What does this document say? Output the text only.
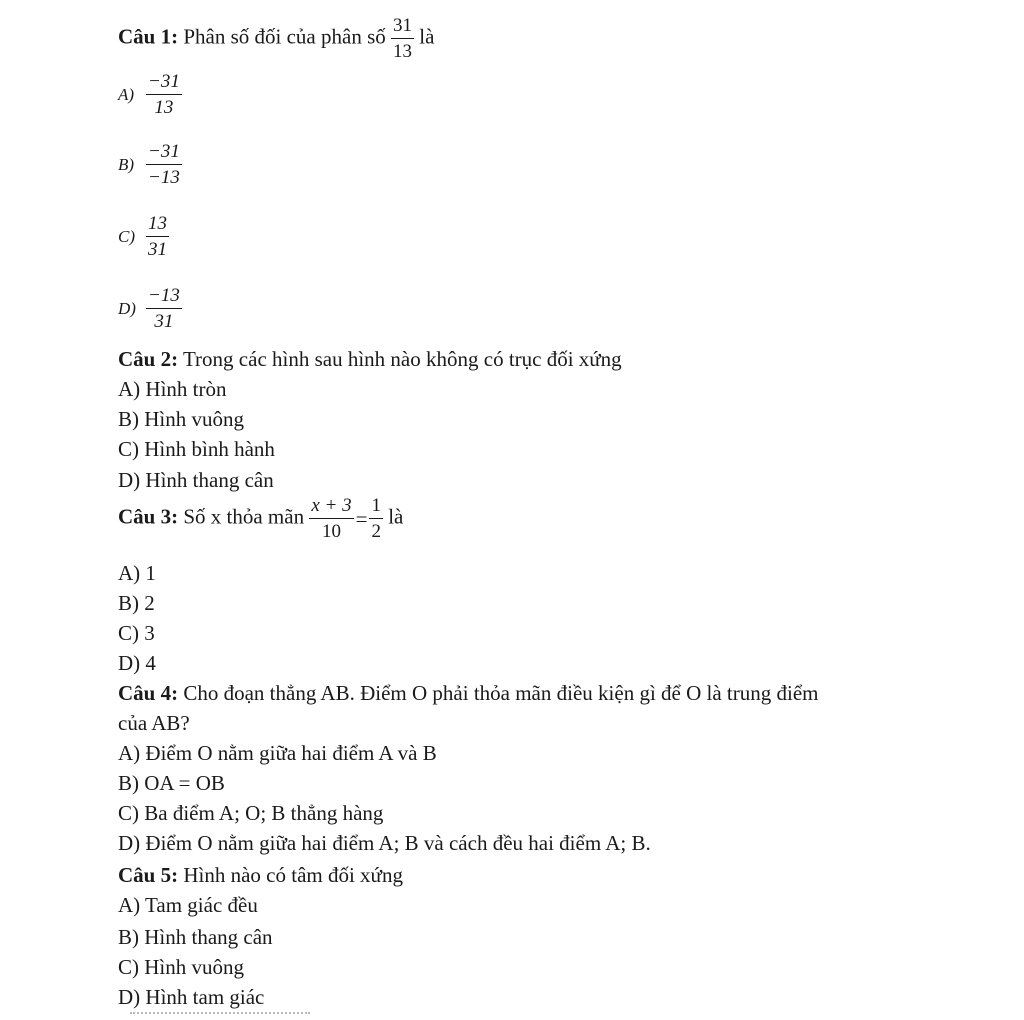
Câu 1: Phân số đối của phân số $\frac{31}{13}$ là
$A) \frac{-31}{13}$
$B) \frac{-31}{-13}$
$C) \frac{13}{31}$
$D) \frac{-13}{31}$
Câu 2: Trong các hình sau hình nào không có trục đối xứng
A) Hình tròn
B) Hình vuông
C) Hình bình hành
D) Hình thang cân
Câu 3: Số x thỏa mãn $\frac{x + 3}{10} = \frac{1}{2}$ là
A) 1
B) 2
C) 3
D) 4
Câu 4: Cho đoạn thẳng AB. Điểm O phải thỏa mãn điều kiện gì để O là trung điểm
của AB?
A) Điểm O nằm giữa hai điểm A và B
B) OA = OB
C) Ba điểm A; O; B thẳng hàng
D) Điểm O nằm giữa hai điểm A; B và cách đều hai điểm A; B.
Câu 5: Hình nào có tâm đối xứng
A) Tam giác đều
B) Hình thang cân
C) Hình vuông
D) Hình tam giác
